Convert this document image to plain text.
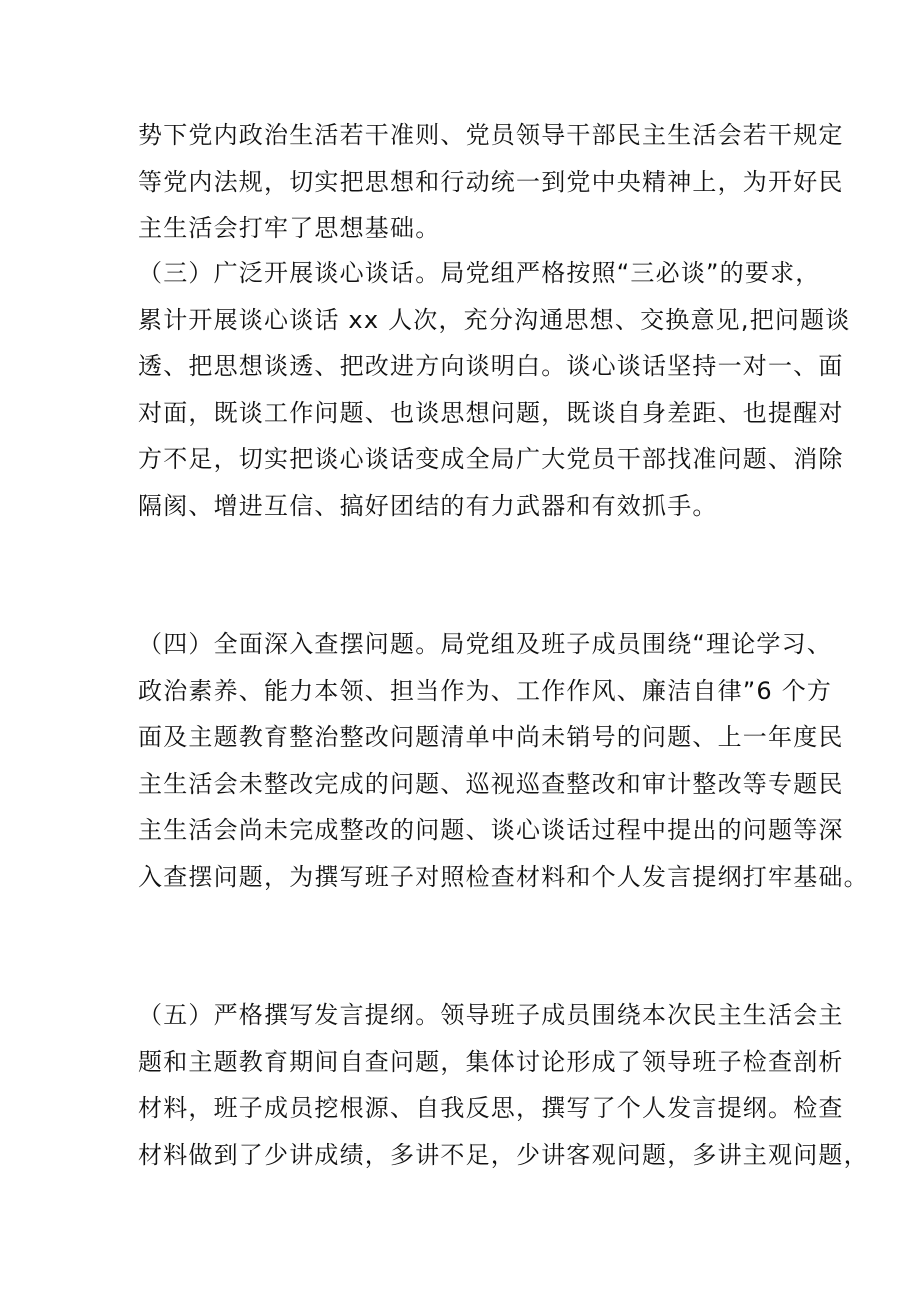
势下党内政治生活若干准则、党员领导干部民主生活会若干规定
等党内法规，切实把思想和行动统一到党中央精神上，为开好民
主生活会打牢了思想基础。

（三）广泛开展谈心谈话。局党组严格按照“三必谈”的要求，
累计开展谈心谈话 xx 人次，充分沟通思想、交换意见,把问题谈
透、把思想谈透、把改进方向谈明白。谈心谈话坚持一对一、面
对面，既谈工作问题、也谈思想问题，既谈自身差距、也提醒对
方不足，切实把谈心谈话变成全局广大党员干部找准问题、消除
隔阂、增进互信、搞好团结的有力武器和有效抓手。

（四）全面深入查摆问题。局党组及班子成员围绕“理论学习、
政治素养、能力本领、担当作为、工作作风、廉洁自律”6 个方
面及主题教育整治整改问题清单中尚未销号的问题、上一年度民
主生活会未整改完成的问题、巡视巡查整改和审计整改等专题民
主生活会尚未完成整改的问题、谈心谈话过程中提出的问题等深
入查摆问题，为撰写班子对照检查材料和个人发言提纲打牢基础。

（五）严格撰写发言提纲。领导班子成员围绕本次民主生活会主
题和主题教育期间自查问题，集体讨论形成了领导班子检查剖析
材料，班子成员挖根源、自我反思，撰写了个人发言提纲。检查
材料做到了少讲成绩，多讲不足，少讲客观问题，多讲主观问题，
